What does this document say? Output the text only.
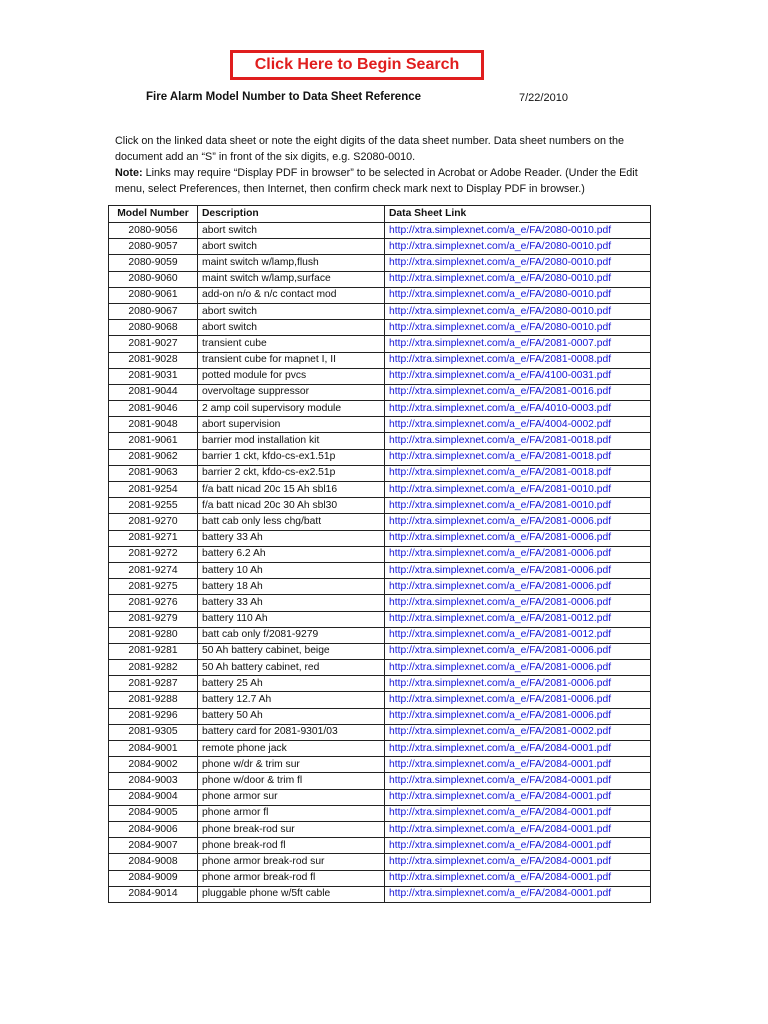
Click Here to Begin Search
Fire Alarm Model Number to Data Sheet Reference	7/22/2010

Click on the linked data sheet or note the eight digits of the data sheet number. Data sheet numbers on the document add an “S” in front of the six digits, e.g. S2080-0010.

Note: Links may require “Display PDF in browser” to be selected in Acrobat or Adobe Reader. (Under the Edit menu, select Preferences, then Internet, then confirm check mark next to Display PDF in browser.)

Model Number	Description	Data Sheet Link
2080-9056	abort switch	http://xtra.simplexnet.com/a_e/FA/2080-0010.pdf
2080-9057	abort switch	http://xtra.simplexnet.com/a_e/FA/2080-0010.pdf
2080-9059	maint switch w/lamp,flush	http://xtra.simplexnet.com/a_e/FA/2080-0010.pdf
2080-9060	maint switch w/lamp,surface	http://xtra.simplexnet.com/a_e/FA/2080-0010.pdf
2080-9061	add-on n/o & n/c contact mod	http://xtra.simplexnet.com/a_e/FA/2080-0010.pdf
2080-9067	abort switch	http://xtra.simplexnet.com/a_e/FA/2080-0010.pdf
2080-9068	abort switch	http://xtra.simplexnet.com/a_e/FA/2080-0010.pdf
2081-9027	transient cube	http://xtra.simplexnet.com/a_e/FA/2081-0007.pdf
2081-9028	transient cube for mapnet I, II	http://xtra.simplexnet.com/a_e/FA/2081-0008.pdf
2081-9031	potted module for pvcs	http://xtra.simplexnet.com/a_e/FA/4100-0031.pdf
2081-9044	overvoltage suppressor	http://xtra.simplexnet.com/a_e/FA/2081-0016.pdf
2081-9046	2 amp coil supervisory module	http://xtra.simplexnet.com/a_e/FA/4010-0003.pdf
2081-9048	abort supervision	http://xtra.simplexnet.com/a_e/FA/4004-0002.pdf
2081-9061	barrier mod installation kit	http://xtra.simplexnet.com/a_e/FA/2081-0018.pdf
2081-9062	barrier 1 ckt, kfdo-cs-ex1.51p	http://xtra.simplexnet.com/a_e/FA/2081-0018.pdf
2081-9063	barrier 2 ckt, kfdo-cs-ex2.51p	http://xtra.simplexnet.com/a_e/FA/2081-0018.pdf
2081-9254	f/a batt nicad 20c 15 Ah sbl16	http://xtra.simplexnet.com/a_e/FA/2081-0010.pdf
2081-9255	f/a batt nicad 20c 30 Ah sbl30	http://xtra.simplexnet.com/a_e/FA/2081-0010.pdf
2081-9270	batt cab only less chg/batt	http://xtra.simplexnet.com/a_e/FA/2081-0006.pdf
2081-9271	battery 33 Ah	http://xtra.simplexnet.com/a_e/FA/2081-0006.pdf
2081-9272	battery 6.2 Ah	http://xtra.simplexnet.com/a_e/FA/2081-0006.pdf
2081-9274	battery 10 Ah	http://xtra.simplexnet.com/a_e/FA/2081-0006.pdf
2081-9275	battery 18 Ah	http://xtra.simplexnet.com/a_e/FA/2081-0006.pdf
2081-9276	battery 33 Ah	http://xtra.simplexnet.com/a_e/FA/2081-0006.pdf
2081-9279	battery 110 Ah	http://xtra.simplexnet.com/a_e/FA/2081-0012.pdf
2081-9280	batt cab only f/2081-9279	http://xtra.simplexnet.com/a_e/FA/2081-0012.pdf
2081-9281	50 Ah battery cabinet, beige	http://xtra.simplexnet.com/a_e/FA/2081-0006.pdf
2081-9282	50 Ah battery cabinet, red	http://xtra.simplexnet.com/a_e/FA/2081-0006.pdf
2081-9287	battery 25 Ah	http://xtra.simplexnet.com/a_e/FA/2081-0006.pdf
2081-9288	battery 12.7 Ah	http://xtra.simplexnet.com/a_e/FA/2081-0006.pdf
2081-9296	battery 50 Ah	http://xtra.simplexnet.com/a_e/FA/2081-0006.pdf
2081-9305	battery card for 2081-9301/03	http://xtra.simplexnet.com/a_e/FA/2081-0002.pdf
2084-9001	remote phone jack	http://xtra.simplexnet.com/a_e/FA/2084-0001.pdf
2084-9002	phone w/dr & trim sur	http://xtra.simplexnet.com/a_e/FA/2084-0001.pdf
2084-9003	phone w/door & trim fl	http://xtra.simplexnet.com/a_e/FA/2084-0001.pdf
2084-9004	phone armor sur	http://xtra.simplexnet.com/a_e/FA/2084-0001.pdf
2084-9005	phone armor fl	http://xtra.simplexnet.com/a_e/FA/2084-0001.pdf
2084-9006	phone break-rod sur	http://xtra.simplexnet.com/a_e/FA/2084-0001.pdf
2084-9007	phone break-rod fl	http://xtra.simplexnet.com/a_e/FA/2084-0001.pdf
2084-9008	phone armor break-rod sur	http://xtra.simplexnet.com/a_e/FA/2084-0001.pdf
2084-9009	phone armor break-rod fl	http://xtra.simplexnet.com/a_e/FA/2084-0001.pdf
2084-9014	pluggable phone w/5ft cable	http://xtra.simplexnet.com/a_e/FA/2084-0001.pdf
